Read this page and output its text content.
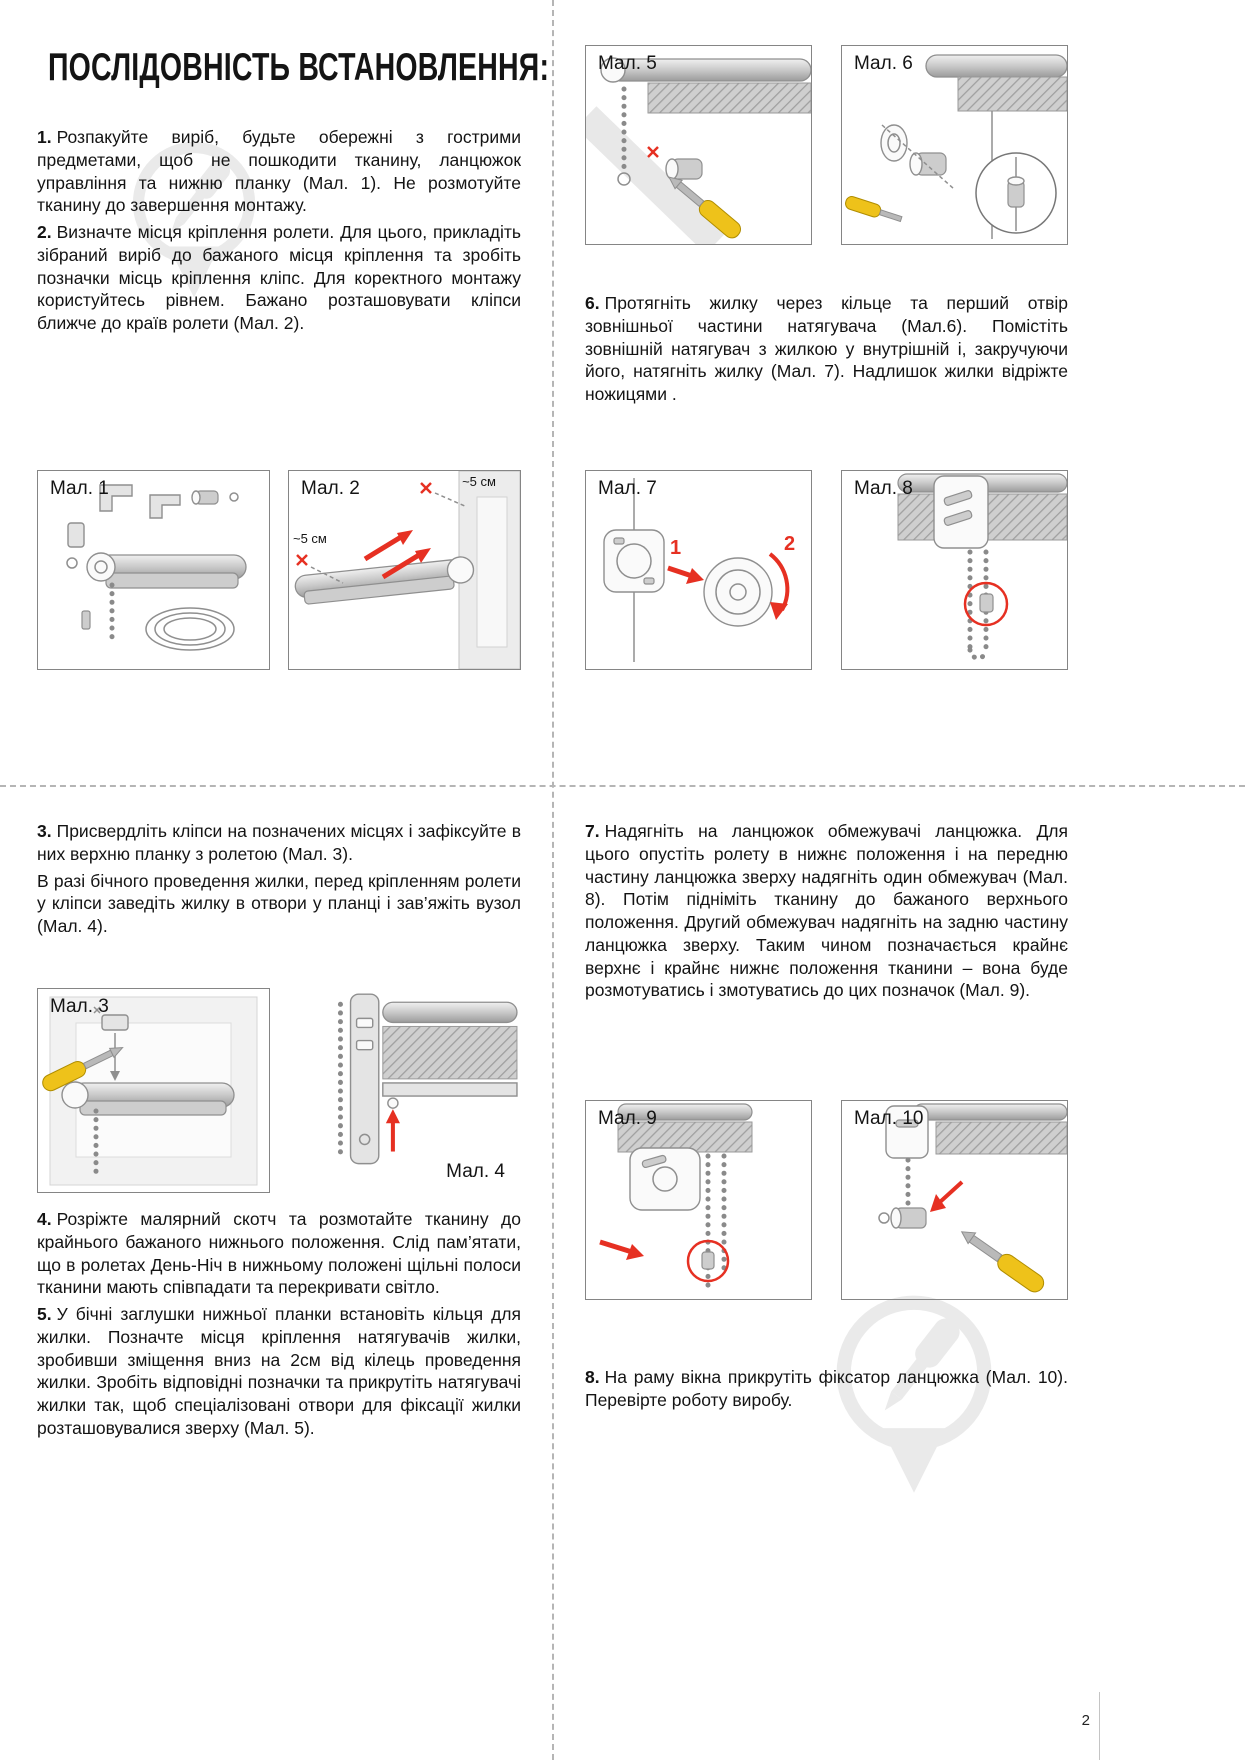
ПОСЛІДОВНІСТЬ ВСТАНОВЛЕННЯ:

1. Розпакуйте виріб, будьте обережні з гострими предметами, щоб не пошкодити тканину, ланцюжок управління та нижню планку (Мал. 1). Не розмотуйте тканину до завершення монтажу.

2. Визначте місця кріплення ролети. Для цього, прикладіть зібраний виріб до бажаного місця кріплення та зробіть позначки місць кріплення кліпс. Для коректного монтажу користуйтесь рівнем. Бажано розташовувати кліпси ближче до країв ролети (Мал. 2).

6. Протягніть жилку через кільце та перший отвір зовнішньої частини натягувача (Мал.6). Помістіть зовнішній натягувач з жилкою у внутрішній і, закручуючи його, натягніть жилку (Мал. 7). Надлишок жилки відріжте ножицями .

3. Присвердліть кліпси на позначених місцях і зафіксуйте в них верхню планку з ролетою (Мал. 3).

В разі бічного проведення жилки, перед кріпленням ролети у кліпси заведіть жилку в отвори у планці і зав’яжіть вузол (Мал. 4).

4. Розріжте малярний скотч та розмотайте тканину до крайнього бажаного нижнього положення. Слід пам’ятати, що в ролетах День-Ніч в нижньому положені щільні полоси тканини мають співпадати та перекривати світло.

5. У бічні заглушки нижньої планки встановіть кільця для жилки. Позначте місця кріплення натягувачів жилки, зробивши зміщення вниз на 2см від кілець проведення жилки. Зробіть відповідні позначки та прикрутіть натягувачі жилки так, щоб спеціалізовані отвори для фіксації жилки розташовувалися зверху (Мал. 5).

7. Надягніть на ланцюжок обмежувачі ланцюжка. Для цього опустіть ролету в нижнє положення і на передню частину ланцюжка зверху надягніть один обмежувач (Мал. 8). Потім підніміть тканину до бажаного верхнього положення. Другий обмежувач надягніть на задню частину ланцюжка зверху. Таким чином позначається крайнє верхнє і крайнє нижнє положення тканини – вона буде розмотуватись і змотуватись до цих позначок (Мал. 9).

8. На раму вікна прикрутіть фіксатор ланцюжка (Мал. 10). Перевірте роботу виробу.

Мал. 1	Мал. 2	~5 см
~5 см
Мал. 5	Мал. 6
Мал. 7
1	2
Мал. 8
Мал. 3
Мал. 4
Мал. 9	Мал. 10
2
